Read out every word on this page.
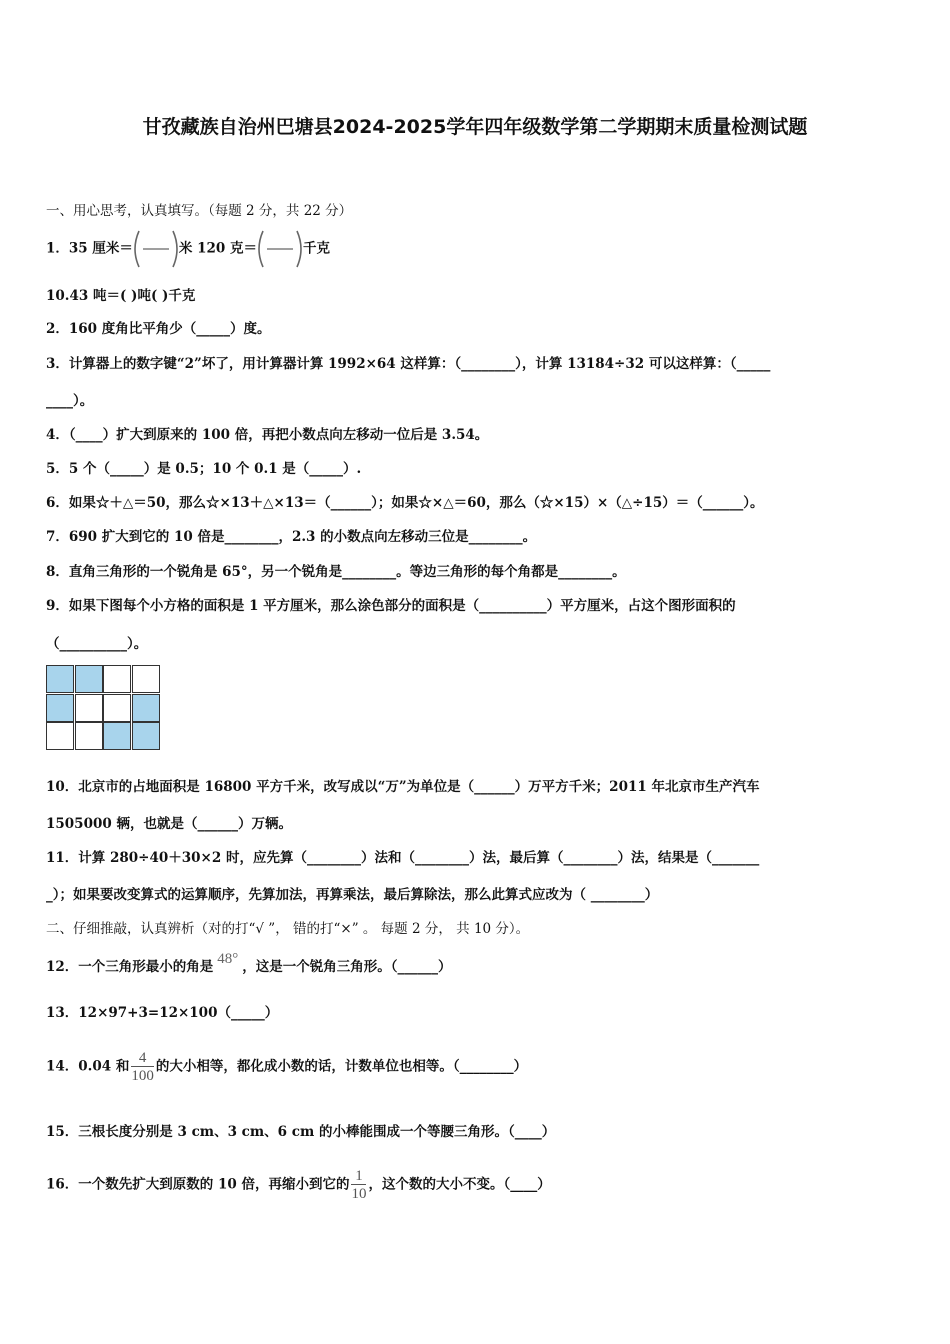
甘孜藏族自治州巴塘县2024-2025学年四年级数学第二学期期末质量检测试题
一、用心思考，认真填写。（每题 2 分，共 22 分）
1．35 厘米＝	米 120 克＝	千克
10.43 吨＝( )吨( )千克
2．160 度角比平角少（_____）度。
3．计算器上的数字键“2”坏了，用计算器计算 1992×64 这样算：（________），计算 13184÷32 可以这样算：（_____
____）。
4．（____）扩大到原来的 100 倍，再把小数点向左移动一位后是 3.54。
5．5 个（_____）是 0.5；10 个 0.1 是（_____）.
6．如果☆＋△＝50，那么☆×13＋△×13＝（______）；如果☆×△＝60，那么（☆×15）×（△÷15）＝（______）。
7．690 扩大到它的 10 倍是________，2.3 的小数点向左移动三位是________。
8．直角三角形的一个锐角是 65°，另一个锐角是________。等边三角形的每个角都是________。
9．如果下图每个小方格的面积是 1 平方厘米，那么涂色部分的面积是（__________）平方厘米，占这个图形面积的
（__________）。
10．北京市的占地面积是 16800 平方千米，改写成以“万”为单位是（______）万平方千米；2011 年北京市生产汽车
1505000 辆，也就是（______）万辆。
11．计算 280÷40＋30×2 时，应先算（________）法和（________）法，最后算（________）法，结果是（_______
_）；如果要改变算式的运算顺序，先算加法，再算乘法，最后算除法，那么此算式应改为（ ________）
二、仔细推敲，认真辨析（对的打“√ ”， 错的打“×” 。 每题 2 分， 共 10 分）。
12．一个三角形最小的角是 48° ，这是一个锐角三角形。（______）
13．12×97+3=12×100（_____）
14．0.04 和 $\frac{4}{100}$ 的大小相等，都化成小数的话，计数单位也相等。（________）
15．三根长度分别是 3 cm、3 cm、6 cm 的小棒能围成一个等腰三角形。（____）
16．一个数先扩大到原数的 10 倍，再缩小到它的 $\frac{1}{10}$ ，这个数的大小不变。（____）
